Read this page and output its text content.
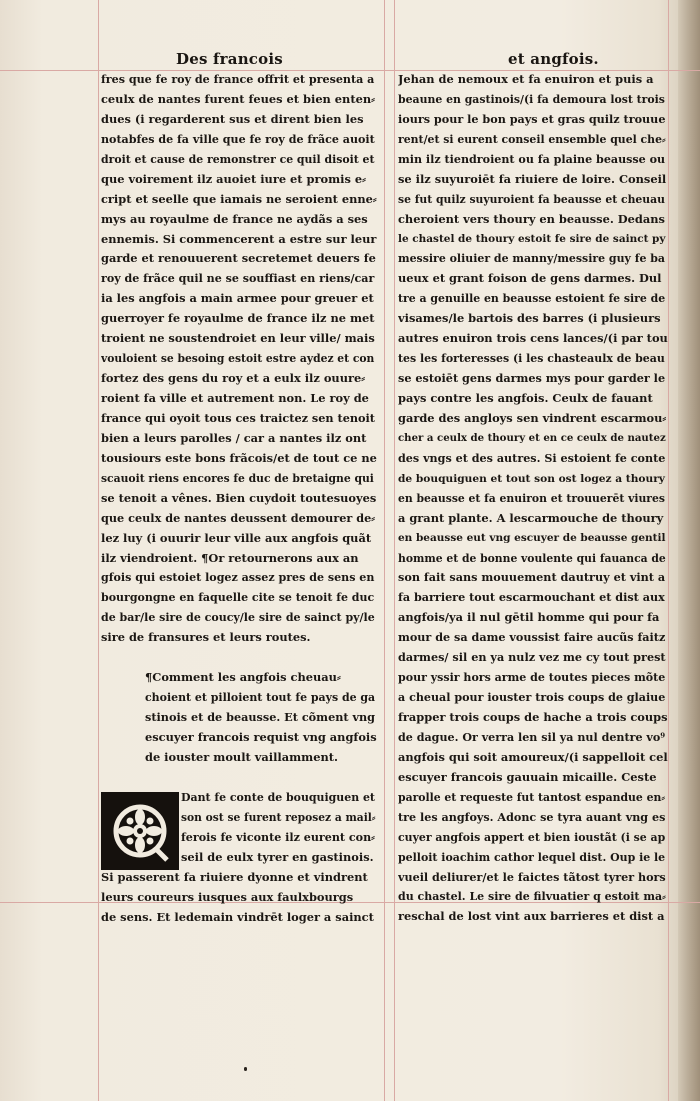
Des francois	et angfois.
fres que fe roy de france offrit et presenta a
ceulx de nantes furent feues et bien enten⸗
dues (i regarderent sus et dirent bien les
notabfes de fa ville que fe roy de frãce auoit
droit et cause de remonstrer ce quil disoit et
que voirement ilz auoiet iure et promis e⸗
cript et seelle que iamais ne seroient enne⸗
mys au royaulme de france ne aydãs a ses
ennemis. Si commencerent a estre sur leur
garde et renouuerent secretemet deuers fe
roy de frãce quil ne se souffiast en riens/car
ia les angfois a main armee pour greuer et
guerroyer fe royaulme de france ilz ne met
troient ne soustendroiet en leur ville/ mais
vouloient se besoing estoit estre aydez et con
fortez des gens du roy et a eulx ilz ouure⸗
roient fa ville et autrement non. Le roy de
france qui oyoit tous ces traictez sen tenoit
bien a leurs parolles / car a nantes ilz ont
tousiours este bons frãcois/et de tout ce ne
scauoit riens encores fe duc de bretaigne qui
se tenoit a vênes. Bien cuydoit toutesuoyes
que ceulx de nantes deussent demourer de⸗
lez luy (i ouurir leur ville aux angfois quãt
ilz viendroient. ¶Or retournerons aux an
gfois qui estoiet logez assez pres de sens en
bourgongne en faquelle cite se tenoit fe duc
de bar/le sire de coucy/le sire de sainct py/le
sire de fransures et leurs routes.
¶Comment les angfois cheuau⸗
choient et pilloient tout fe pays de ga
stinois et de beausse. Et cõment vng
escuyer francois requist vng angfois
de iouster moult vaillamment.
Dant fe conte de bouquiguen et
son ost se furent reposez a mail⸗
ferois fe viconte ilz eurent con⸗
seil de eulx tyrer en gastinois.
Si passerent fa riuiere dyonne et vindrent
leurs coureurs iusques aux faulxbourgs
de sens. Et ledemain vindrēt loger a sainct
Jehan de nemoux et fa enuiron et puis a
beaune en gastinois/(i fa demoura lost trois
iours pour le bon pays et gras quilz trouue
rent/et si eurent conseil ensemble quel che⸗
min ilz tiendroient ou fa plaine beausse ou
se ilz suyuroiēt fa riuiere de loire. Conseil
se fut quilz suyuroient fa beausse et cheuau
cheroient vers thoury en beausse. Dedans
le chastel de thoury estoit fe sire de sainct py
messire oliuier de manny/messire guy fe ba
ueux et grant foison de gens darmes. Dul
tre a genuille en beausse estoient fe sire de
visames/le bartois des barres (i plusieurs
autres enuiron trois cens lances/(i par tou
tes les forteresses (i les chasteaulx de beau
se estoiēt gens darmes mys pour garder le
pays contre les angfois. Ceulx de fauant
garde des angloys sen vindrent escarmou⸗
cher a ceulx de thoury et en ce ceulx de nautez
des vngs et des autres. Si estoient fe conte
de bouquiguen et tout son ost logez a thoury
en beausse et fa enuiron et trouuerēt viures
a grant plante. A lescarmouche de thoury
en beausse eut vng escuyer de beausse gentil
homme et de bonne voulente qui fauanca de
son fait sans mouuement dautruy et vint a
fa barriere tout escarmouchant et dist aux
angfois/ya il nul gētil homme qui pour fa
mour de sa dame voussist faire aucũs faitz
darmes/ sil en ya nulz vez me cy tout prest
pour yssir hors arme de toutes pieces mõte
a cheual pour iouster trois coups de glaiue
frapper trois coups de hache a trois coups
de dague. Or verra len sil ya nul dentre vo⁹
angfois qui soit amoureux/(i sappelloit cel
escuyer francois gauuain micaille. Ceste
parolle et requeste fut tantost espandue en⸗
tre les angfoys. Adonc se tyra auant vng es
cuyer angfois appert et bien ioustãt (i se ap
pelloit ioachim cathor lequel dist. Oup ie le
vueil deliurer/et le faictes tãtost tyrer hors
du chastel. Le sire de filvuatier q estoit ma⸗
reschal de lost vint aux barrieres et dist a
